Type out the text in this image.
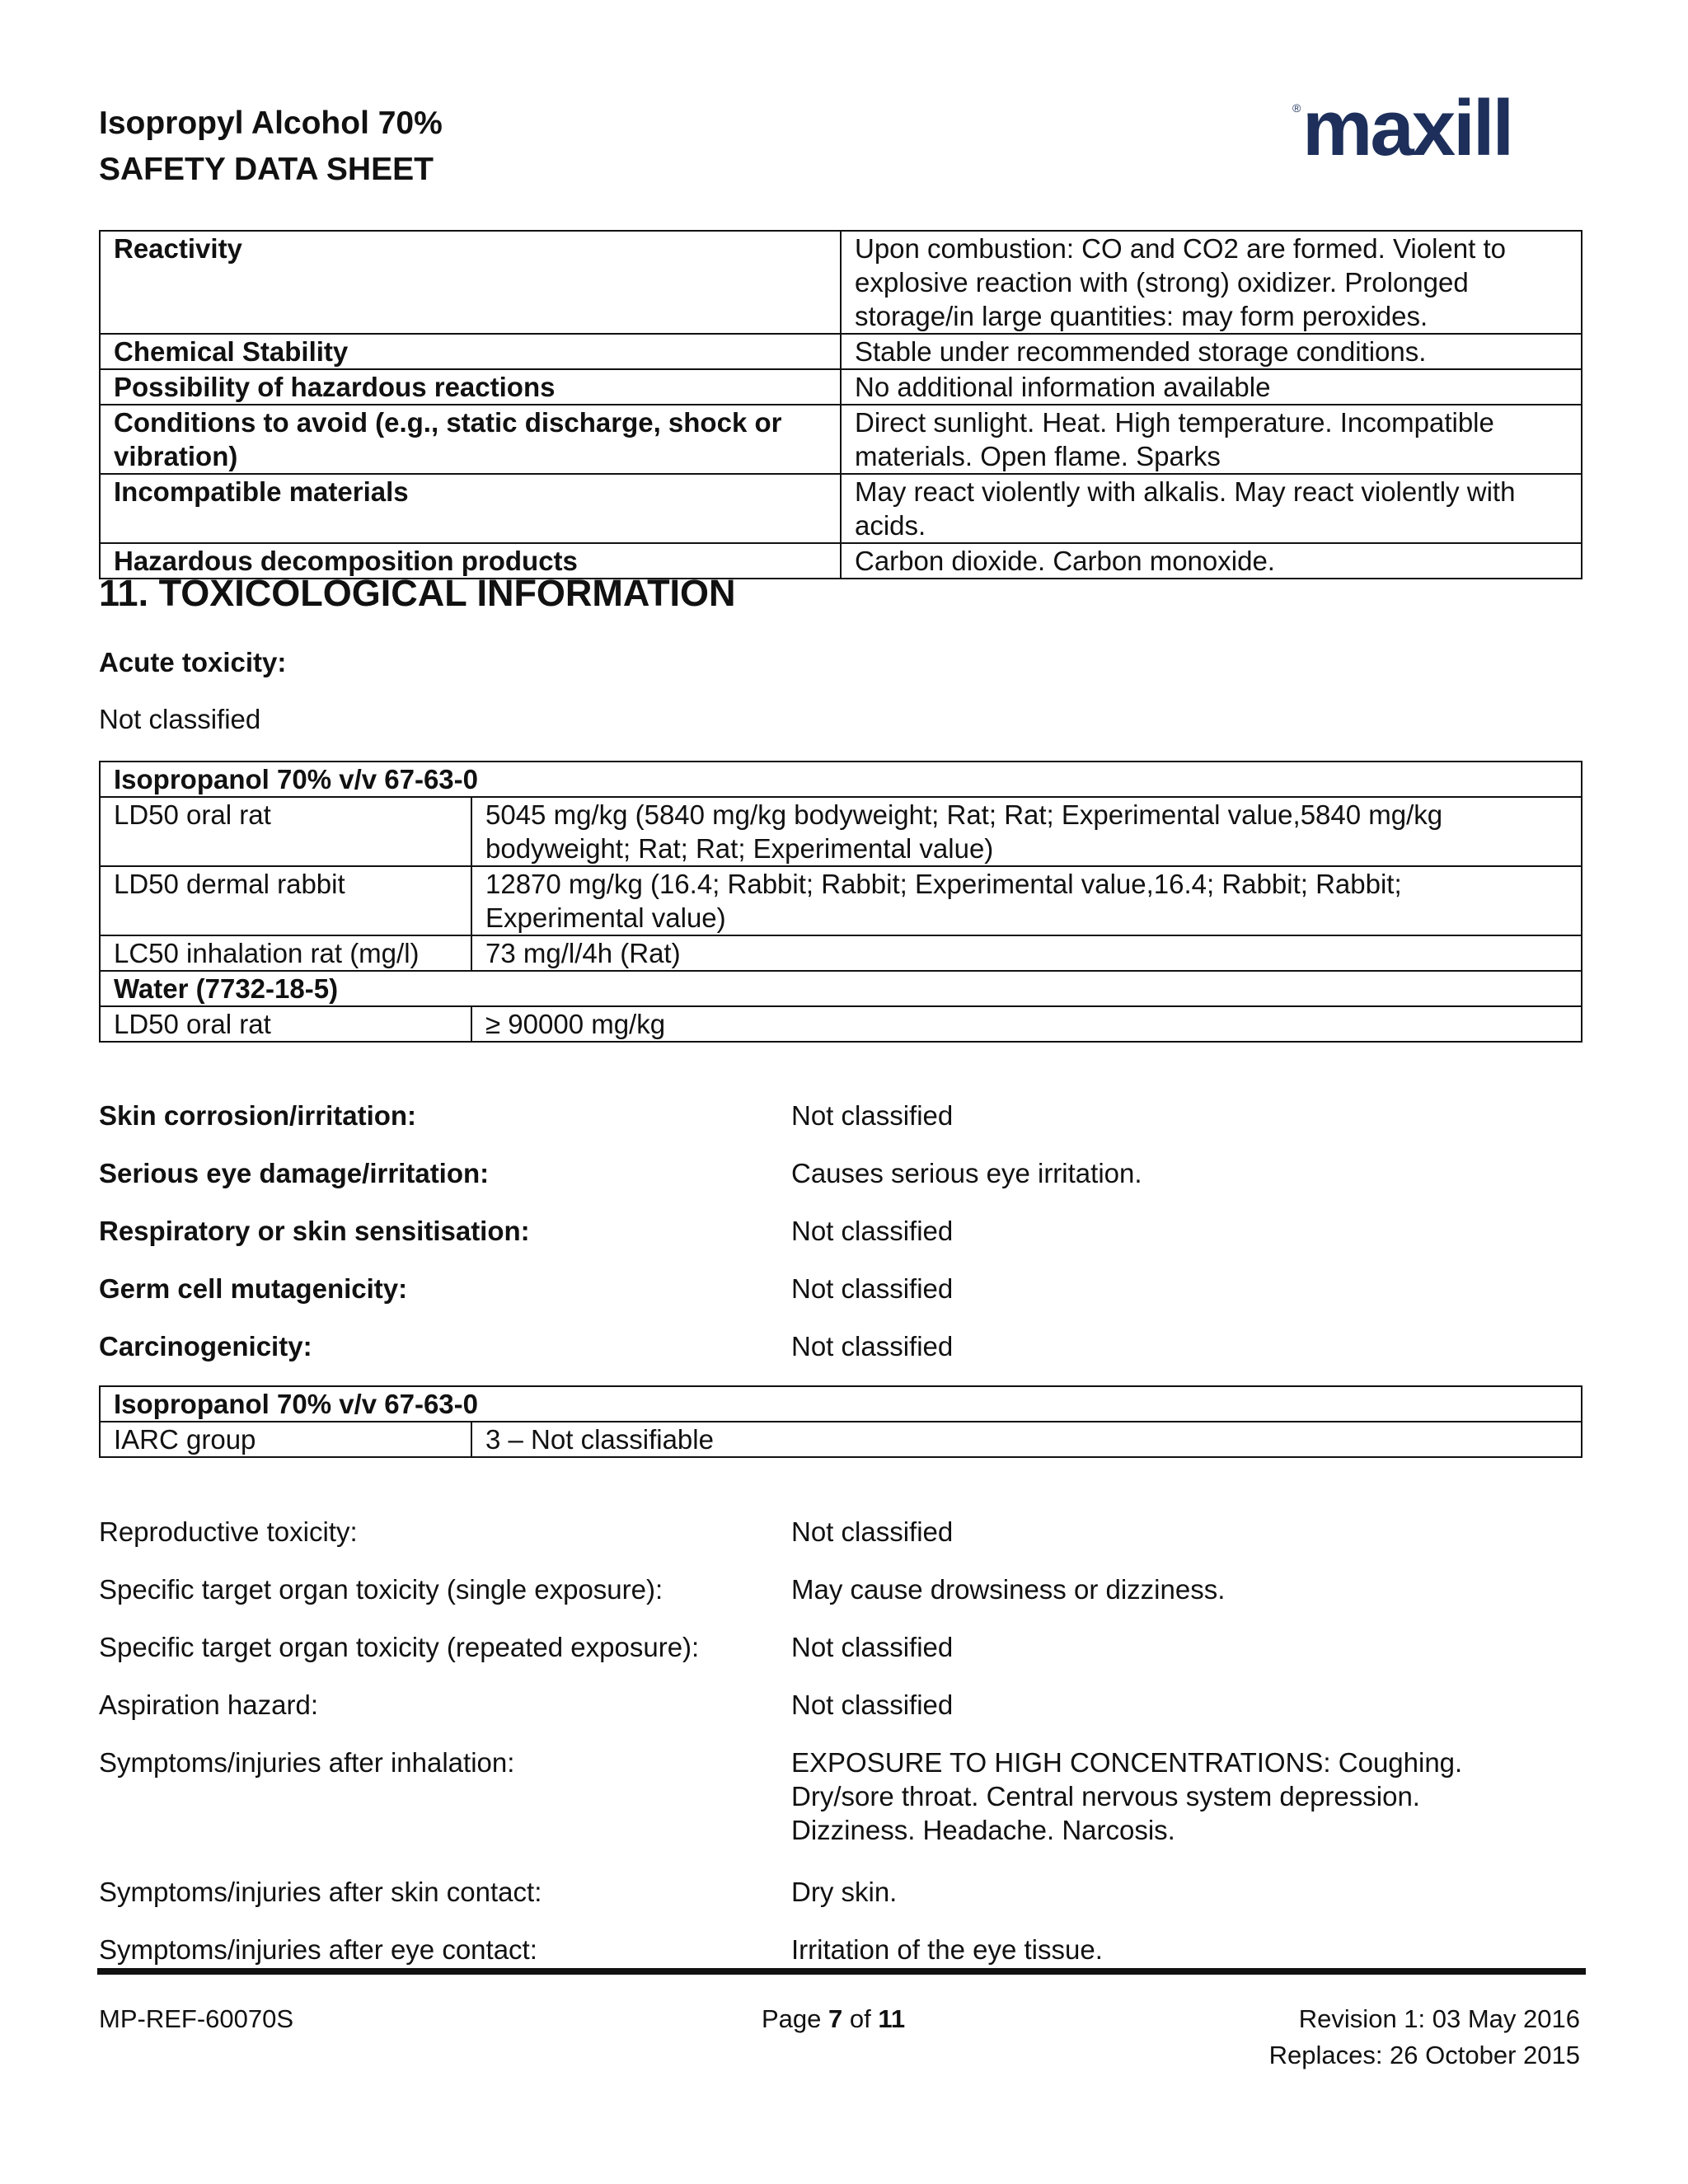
Isopropyl Alcohol 70%
SAFETY DATA SHEET
® maxill
Reactivity	Upon combustion: CO and CO2 are formed. Violent to explosive reaction with (strong) oxidizer. Prolonged storage/in large quantities: may form peroxides.
Chemical Stability	Stable under recommended storage conditions.
Possibility of hazardous reactions	No additional information available
Conditions to avoid (e.g., static discharge, shock or vibration)	Direct sunlight. Heat. High temperature. Incompatible materials. Open flame. Sparks
Incompatible materials	May react violently with alkalis. May react violently with acids.
Hazardous decomposition products	Carbon dioxide. Carbon monoxide.
11. TOXICOLOGICAL INFORMATION
Acute toxicity:
Not classified
Isopropanol 70% v/v 67-63-0	
LD50 oral rat	5045 mg/kg (5840 mg/kg bodyweight; Rat; Rat; Experimental value,5840 mg/kg bodyweight; Rat; Rat; Experimental value)
LD50 dermal rabbit	12870 mg/kg (16.4; Rabbit; Rabbit; Experimental value,16.4; Rabbit; Rabbit; Experimental value)
LC50 inhalation rat (mg/l)	73 mg/l/4h (Rat)
Water (7732-18-5)	
LD50 oral rat	≥ 90000 mg/kg
Skin corrosion/irritation:	Not classified
Serious eye damage/irritation:	Causes serious eye irritation.
Respiratory or skin sensitisation:	Not classified
Germ cell mutagenicity:	Not classified
Carcinogenicity:	Not classified
Isopropanol 70% v/v 67-63-0
IARC group	3 – Not classifiable
Reproductive toxicity:	Not classified
Specific target organ toxicity (single exposure):	May cause drowsiness or dizziness.
Specific target organ toxicity (repeated exposure):	Not classified
Aspiration hazard:	Not classified
Symptoms/injuries after inhalation:	EXPOSURE TO HIGH CONCENTRATIONS: Coughing.
Dry/sore throat. Central nervous system depression.
Dizziness. Headache. Narcosis.
Symptoms/injuries after skin contact:	Dry skin.
Symptoms/injuries after eye contact:	Irritation of the eye tissue.
MP-REF-60070S	Page 7 of 11	Revision 1: 03 May 2016
Replaces: 26 October 2015
